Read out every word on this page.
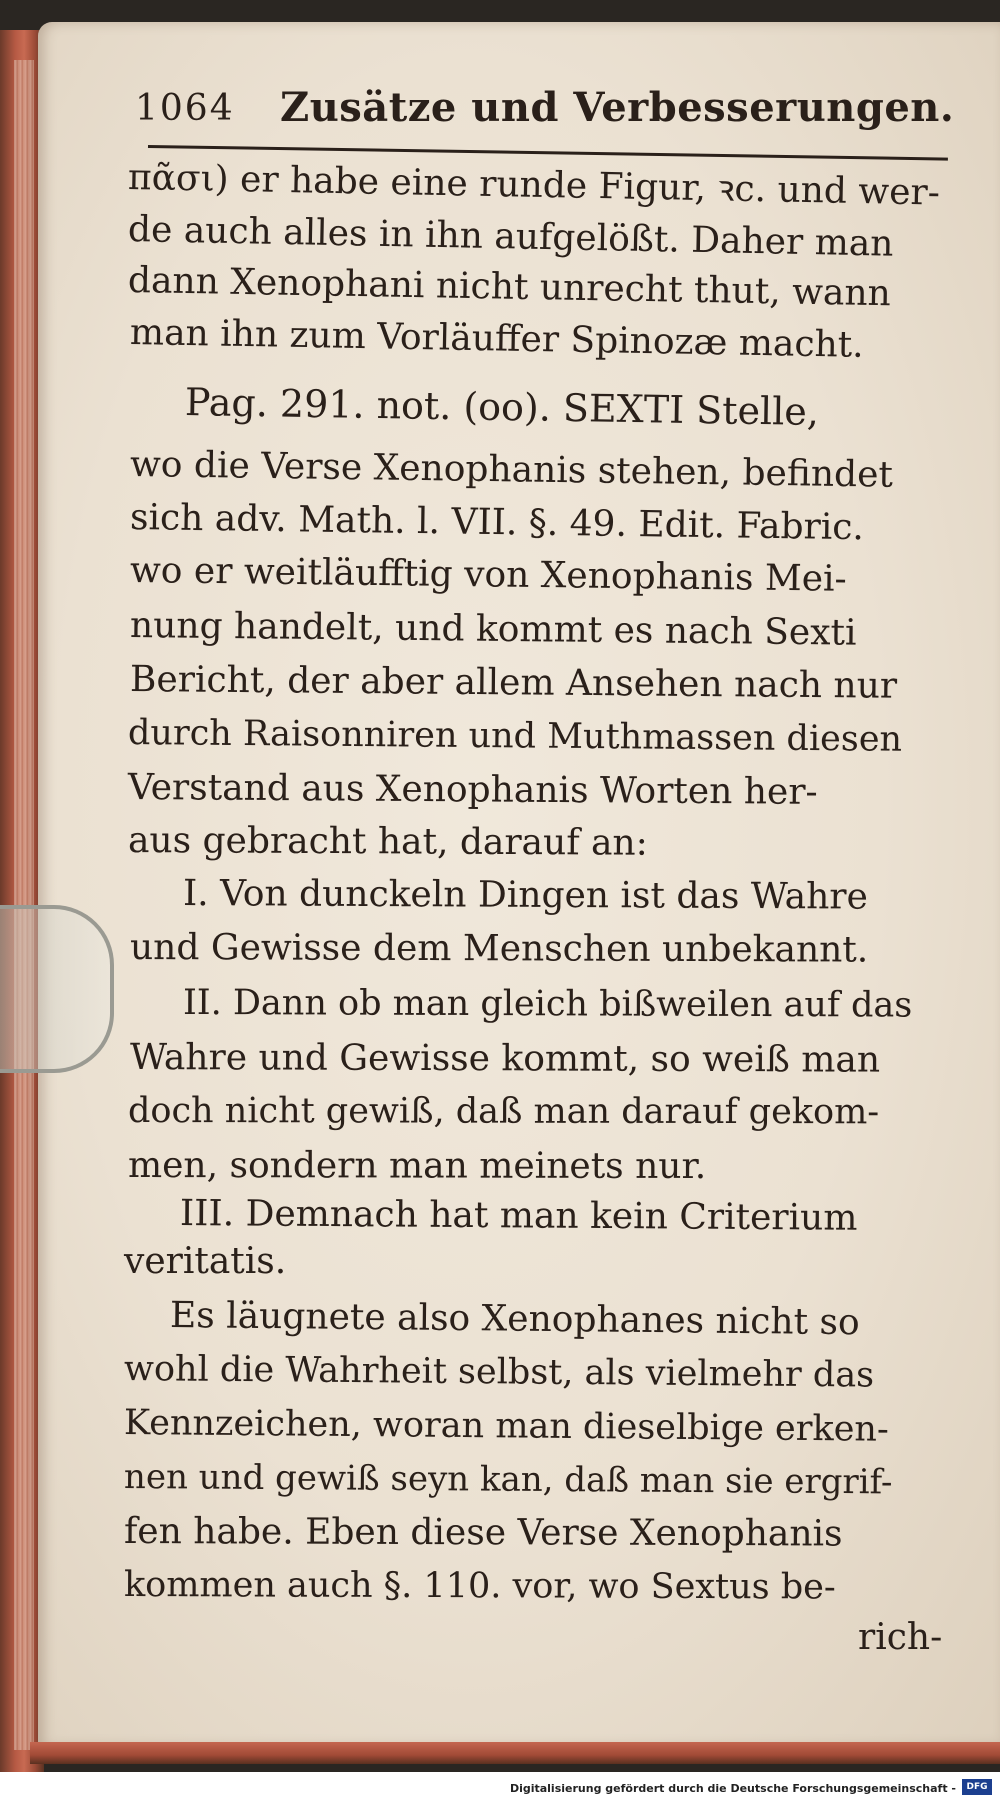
1064 Zusätze und Verbesserungen.
πᾶσι) er habe eine runde Figur, ꝛc. und wer-
de auch alles in ihn aufgelößt. Daher man
dann Xenophani nicht unrecht thut, wann
man ihn zum Vorläuffer Spinozæ macht.
Pag. 291. not. (oo). SEXTI Stelle,
wo die Verse Xenophanis stehen, befindet
sich adv. Math. l. VII. §. 49. Edit. Fabric.
wo er weitläufftig von Xenophanis Mei-
nung handelt, und kommt es nach Sexti
Bericht, der aber allem Ansehen nach nur
durch Raisonniren und Muthmassen diesen
Verstand aus Xenophanis Worten her-
aus gebracht hat, darauf an:
I. Von dunckeln Dingen ist das Wahre
und Gewisse dem Menschen unbekannt.
II. Dann ob man gleich bißweilen auf das
Wahre und Gewisse kommt, so weiß man
doch nicht gewiß, daß man darauf gekom-
men, sondern man meinets nur.
III. Demnach hat man kein Criterium
veritatis.
Es läugnete also Xenophanes nicht so
wohl die Wahrheit selbst, als vielmehr das
Kennzeichen, woran man dieselbige erken-
nen und gewiß seyn kan, daß man sie ergrif-
fen habe. Eben diese Verse Xenophanis
kommen auch §. 110. vor, wo Sextus be-
rich-
Digitalisierung gefördert durch die Deutsche Forschungsgemeinschaft -	DFG
